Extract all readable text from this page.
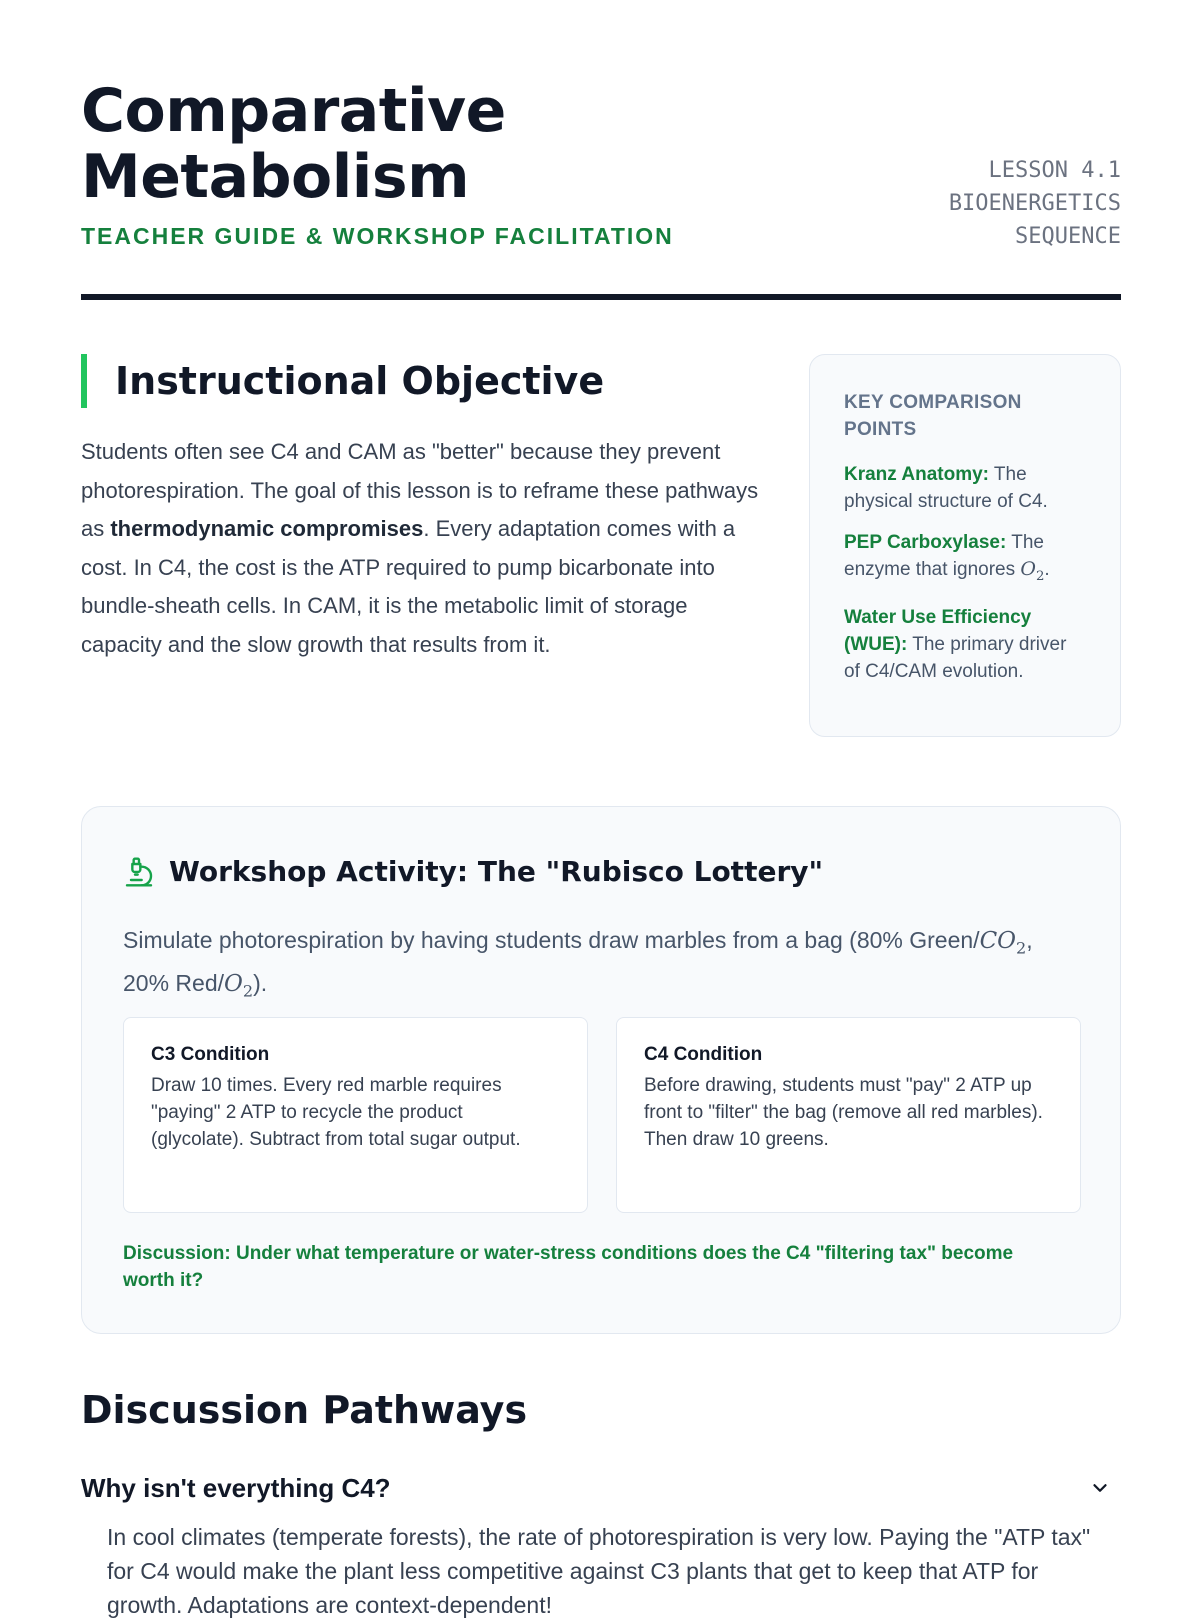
Comparative
Metabolism
TEACHER GUIDE & WORKSHOP FACILITATION
LESSON 4.1
BIOENERGETICS
SEQUENCE
Instructional Objective

Students often see C4 and CAM as "better" because they prevent photorespiration. The goal of this lesson is to reframe these pathways as thermodynamic compromises. Every adaptation comes with a cost. In C4, the cost is the ATP required to pump bicarbonate into bundle-sheath cells. In CAM, it is the metabolic limit of storage capacity and the slow growth that results from it.

KEY COMPARISON POINTS
Kranz Anatomy: The physical structure of C4.
PEP Carboxylase: The enzyme that ignores $O_2$.
Water Use Efficiency (WUE): The primary driver of C4/CAM evolution.
Workshop Activity: The "Rubisco Lottery"

Simulate photorespiration by having students draw marbles from a bag (80% Green/$CO_2$, 20% Red/$O_2$).

C3 Condition
Draw 10 times. Every red marble requires "paying" 2 ATP to recycle the product (glycolate). Subtract from total sugar output.
C4 Condition
Before drawing, students must "pay" 2 ATP up front to "filter" the bag (remove all red marbles). Then draw 10 greens.
Discussion: Under what temperature or water-stress conditions does the C4 "filtering tax" become worth it?
Discussion Pathways
Why isn't everything C4?

In cool climates (temperate forests), the rate of photorespiration is very low. Paying the "ATP tax" for C4 would make the plant less competitive against C3 plants that get to keep that ATP for growth. Adaptations are context-dependent!
